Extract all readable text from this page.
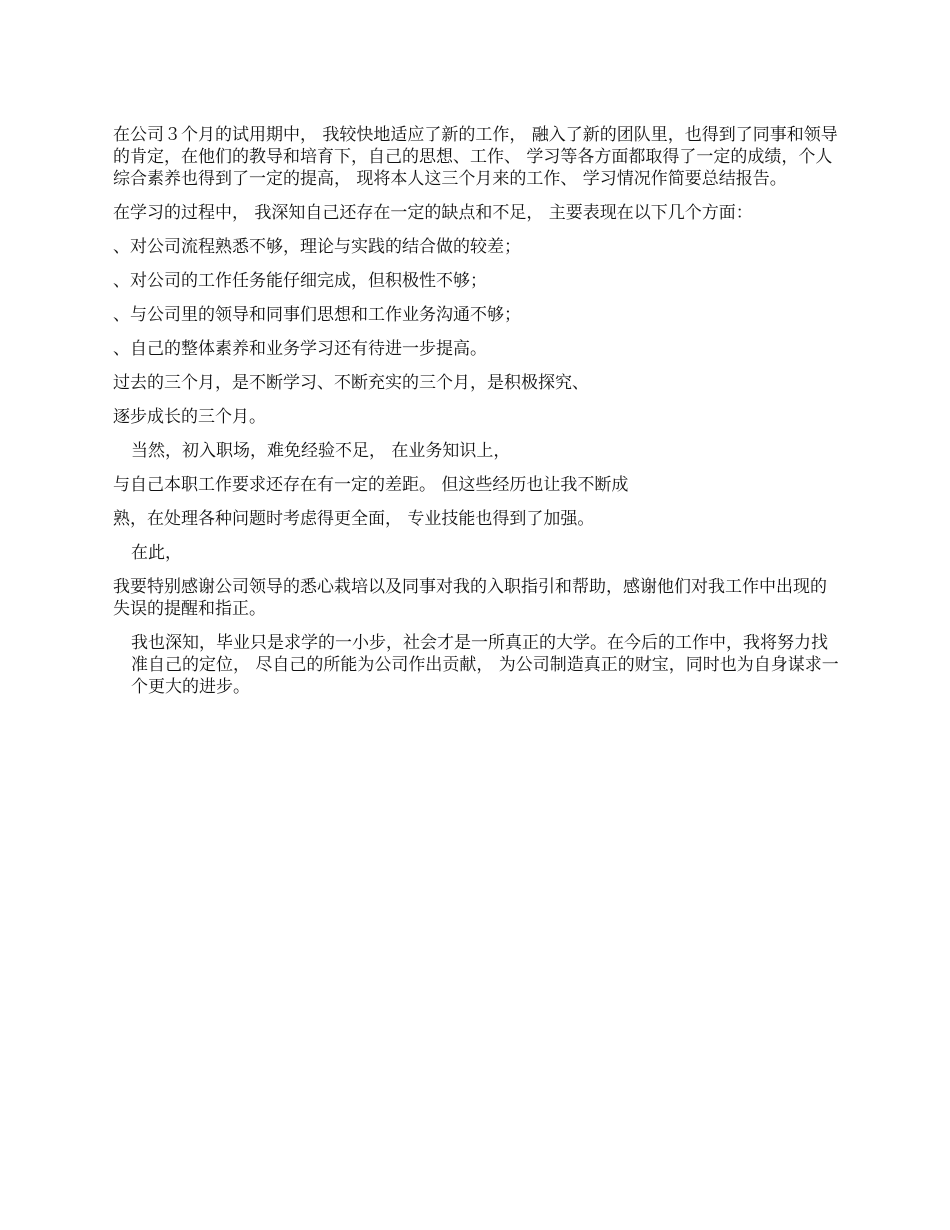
在公司３个月的试用期中， 我较快地适应了新的工作， 融入了新的团队里，也得到了同事和领导的肯定，在他们的教导和培育下，自己的思想、工作、 学习等各方面都取得了一定的成绩，个人综合素养也得到了一定的提高， 现将本人这三个月来的工作、 学习情况作简要总结报告。

在学习的过程中， 我深知自己还存在一定的缺点和不足， 主要表现在以下几个方面：

、对公司流程熟悉不够，理论与实践的结合做的较差；

、对公司的工作任务能仔细完成，但积极性不够；

、与公司里的领导和同事们思想和工作业务沟通不够；

、自己的整体素养和业务学习还有待进一步提高。

过去的三个月，是不断学习、不断充实的三个月，是积极探究、

逐步成长的三个月。

当然，初入职场，难免经验不足， 在业务知识上，

与自己本职工作要求还存在有一定的差距。 但这些经历也让我不断成

熟，在处理各种问题时考虑得更全面， 专业技能也得到了加强。

在此，

我要特别感谢公司领导的悉心栽培以及同事对我的入职指引和帮助，感谢他们对我工作中出现的失误的提醒和指正。

我也深知，毕业只是求学的一小步，社会才是一所真正的大学。在今后的工作中，我将努力找准自己的定位， 尽自己的所能为公司作出贡献， 为公司制造真正的财宝，同时也为自身谋求一个更大的进步。
